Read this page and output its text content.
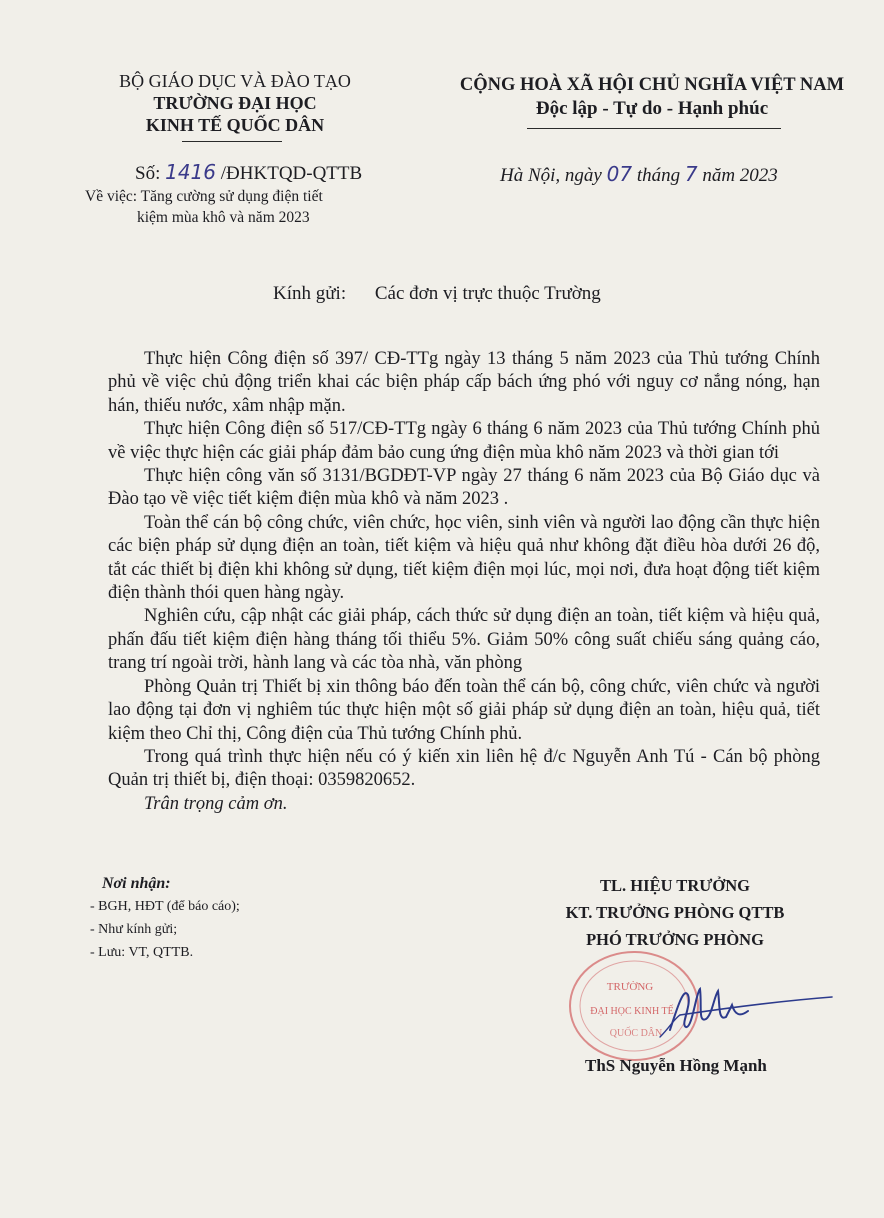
BỘ GIÁO DỤC VÀ ĐÀO TẠO
TRƯỜNG ĐẠI HỌC
KINH TẾ QUỐC DÂN
CỘNG HOÀ XÃ HỘI CHỦ NGHĨA VIỆT NAM
Độc lập - Tự do - Hạnh phúc
Số: 1416 /ĐHKTQD-QTTB
Về việc: Tăng cường sử dụng điện tiết
kiệm mùa khô và năm 2023
Hà Nội, ngày 07 tháng 7 năm 2023
Kính gửi: Các đơn vị trực thuộc Trường

Thực hiện Công điện số 397/ CĐ-TTg ngày 13 tháng 5 năm 2023 của Thủ tướng Chính phủ về việc chủ động triển khai các biện pháp cấp bách ứng phó với nguy cơ nắng nóng, hạn hán, thiếu nước, xâm nhập mặn.

Thực hiện Công điện số 517/CĐ-TTg ngày 6 tháng 6 năm 2023 của Thủ tướng Chính phủ về việc thực hiện các giải pháp đảm bảo cung ứng điện mùa khô năm 2023 và thời gian tới

Thực hiện công văn số 3131/BGDĐT-VP ngày 27 tháng 6 năm 2023 của Bộ Giáo dục và Đào tạo về việc tiết kiệm điện mùa khô và năm 2023 .

Toàn thể cán bộ công chức, viên chức, học viên, sinh viên và người lao động cần thực hiện các biện pháp sử dụng điện an toàn, tiết kiệm và hiệu quả như không đặt điều hòa dưới 26 độ, tắt các thiết bị điện khi không sử dụng, tiết kiệm điện mọi lúc, mọi nơi, đưa hoạt động tiết kiệm điện thành thói quen hàng ngày.

Nghiên cứu, cập nhật các giải pháp, cách thức sử dụng điện an toàn, tiết kiệm và hiệu quả, phấn đấu tiết kiệm điện hàng tháng tối thiểu 5%. Giảm 50% công suất chiếu sáng quảng cáo, trang trí ngoài trời, hành lang và các tòa nhà, văn phòng

Phòng Quản trị Thiết bị xin thông báo đến toàn thể cán bộ, công chức, viên chức và người lao động tại đơn vị nghiêm túc thực hiện một số giải pháp sử dụng điện an toàn, hiệu quả, tiết kiệm theo Chỉ thị, Công điện của Thủ tướng Chính phủ.

Trong quá trình thực hiện nếu có ý kiến xin liên hệ đ/c Nguyễn Anh Tú - Cán bộ phòng Quản trị thiết bị, điện thoại: 0359820652.

Trân trọng cảm ơn.

Nơi nhận:
- BGH, HĐT (để báo cáo);
- Như kính gửi;
- Lưu: VT, QTTB.
TL. HIỆU TRƯỞNG
KT. TRƯỞNG PHÒNG QTTB
PHÓ TRƯỞNG PHÒNG
TRƯỜNG
ĐẠI HỌC KINH TẾ
QUỐC DÂN
ThS Nguyễn Hồng Mạnh
